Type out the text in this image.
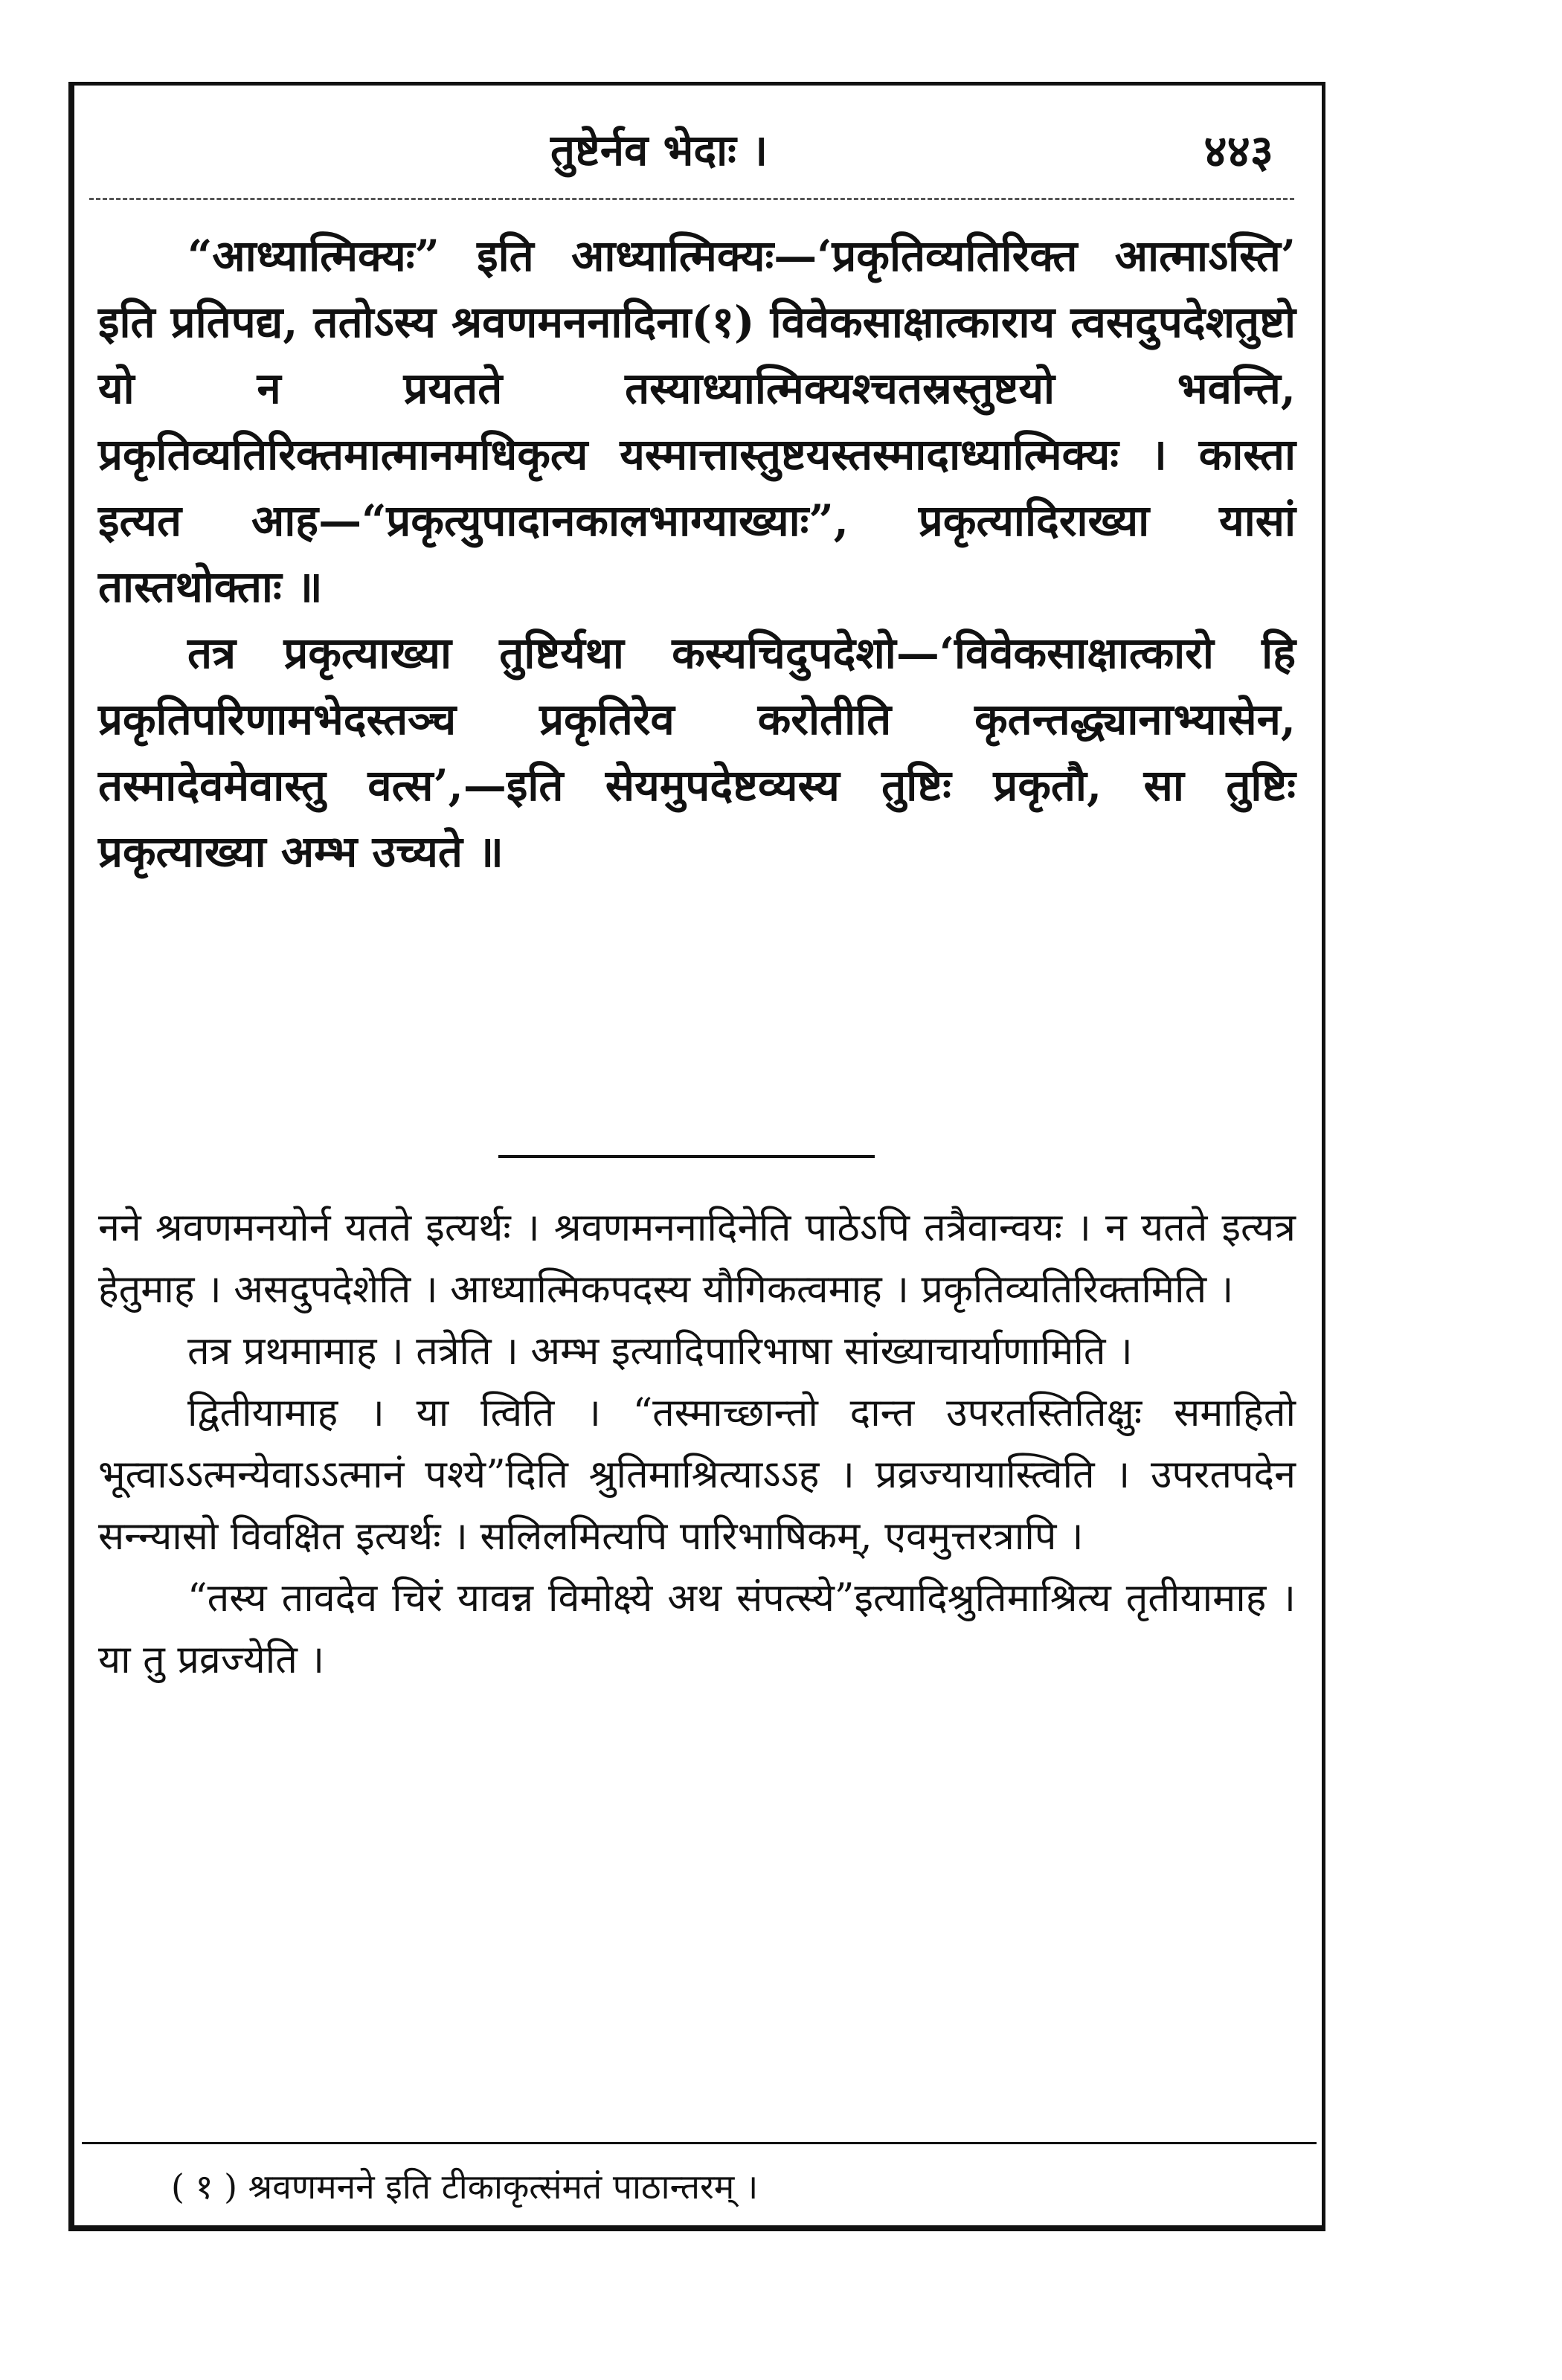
तुष्टेर्नव भेदाः ।	४४३

“आध्यात्मिक्यः” इति आध्यात्मिक्यः—‘प्रकृतिव्यतिरिक्त आत्माऽस्ति’ इति प्रतिपद्य, ततोऽस्य श्रवणमननादिना(१) विवेकसाक्षात्काराय त्वसदुपदेशतुष्टो यो न प्रयतते तस्याध्यात्मिक्यश्चतस्रस्तुष्टयो भवन्ति, प्रकृतिव्यतिरिक्तमात्मानमधिकृत्य यस्मात्तास्तुष्टयस्तस्मादाध्यात्मिक्यः । कास्ता इत्यत आह—“प्रकृत्युपादानकालभाग्याख्याः”, प्रकृत्यादिराख्या यासां तास्तथोक्ताः ॥

तत्र प्रकृत्याख्या तुष्टिर्यथा कस्यचिदुपदेशो—‘विवेकसाक्षात्कारो हि प्रकृतिपरिणामभेदस्तञ्च प्रकृतिरेव करोतीति कृतन्तद्ध्यानाभ्यासेन, तस्मादेवमेवास्तु वत्स’,—इति सेयमुपदेष्टव्यस्य तुष्टिः प्रकृतौ, सा तुष्टिः प्रकृत्याख्या अम्भ उच्यते ॥

नने श्रवणमनयोर्न यतते इत्यर्थः । श्रवणमननादिनेति पाठेऽपि तत्रैवान्वयः । न यतते इत्यत्र हेतुमाह । असदुपदेशेति । आध्यात्मिकपदस्य यौगिकत्वमाह । प्रकृतिव्यतिरिक्तमिति ।

तत्र प्रथमामाह । तत्रेति । अम्भ इत्यादिपारिभाषा सांख्याचार्याणामिति ।

द्वितीयामाह । या त्विति । “तस्माच्छान्तो दान्त उपरतस्तितिक्षुः समाहितो भूत्वाऽऽत्मन्येवाऽऽत्मानं पश्ये”दिति श्रुतिमाश्रित्याऽऽह । प्रव्रज्यायास्त्विति । उपरतपदेन सन्न्यासो विवक्षित इत्यर्थः । सलिलमित्यपि पारिभाषिकम्, एवमुत्तरत्रापि ।

“तस्य तावदेव चिरं यावन्न विमोक्ष्ये अथ संपत्स्ये”इत्यादिश्रुतिमाश्रित्य तृतीयामाह । या तु प्रव्रज्येति ।

( १ ) श्रवणमनने इति टीकाकृत्संमतं पाठान्तरम् ।
